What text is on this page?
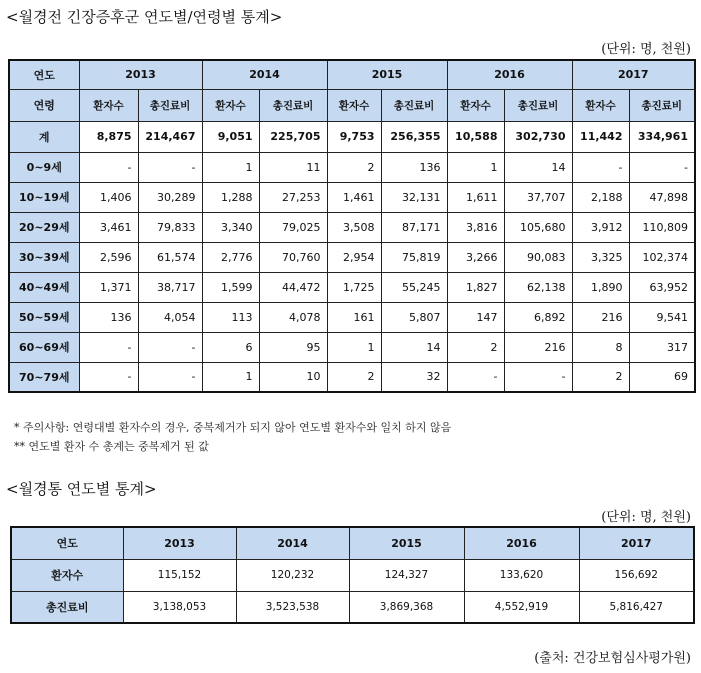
<월경전 긴장증후군 연도별/연령별 통계>
(단위: 명, 천원)
연도	2013		2014		2015		2016		2017	
연령	환자수	총진료비	환자수	총진료비	환자수	총진료비	환자수	총진료비	환자수	총진료비
계	8,875	214,467	9,051	225,705	9,753	256,355	10,588	302,730	11,442	334,961
0~9세	-	-	1	11	2	136	1	14	-	-
10~19세	1,406	30,289	1,288	27,253	1,461	32,131	1,611	37,707	2,188	47,898
20~29세	3,461	79,833	3,340	79,025	3,508	87,171	3,816	105,680	3,912	110,809
30~39세	2,596	61,574	2,776	70,760	2,954	75,819	3,266	90,083	3,325	102,374
40~49세	1,371	38,717	1,599	44,472	1,725	55,245	1,827	62,138	1,890	63,952
50~59세	136	4,054	113	4,078	161	5,807	147	6,892	216	9,541
60~69세	-	-	6	95	1	14	2	216	8	317
70~79세	-	-	1	10	2	32	-	-	2	69
* 주의사항: 연령대별 환자수의 경우, 중복제거가 되지 않아 연도별 환자수와 일치 하지 않음
** 연도별 환자 수 총계는 중복제거 된 값
<월경통 연도별 통계>
(단위: 명, 천원)
연도	2013	2014	2015	2016	2017
환자수	115,152	120,232	124,327	133,620	156,692
총진료비	3,138,053	3,523,538	3,869,368	4,552,919	5,816,427
(출처: 건강보험심사평가원)
